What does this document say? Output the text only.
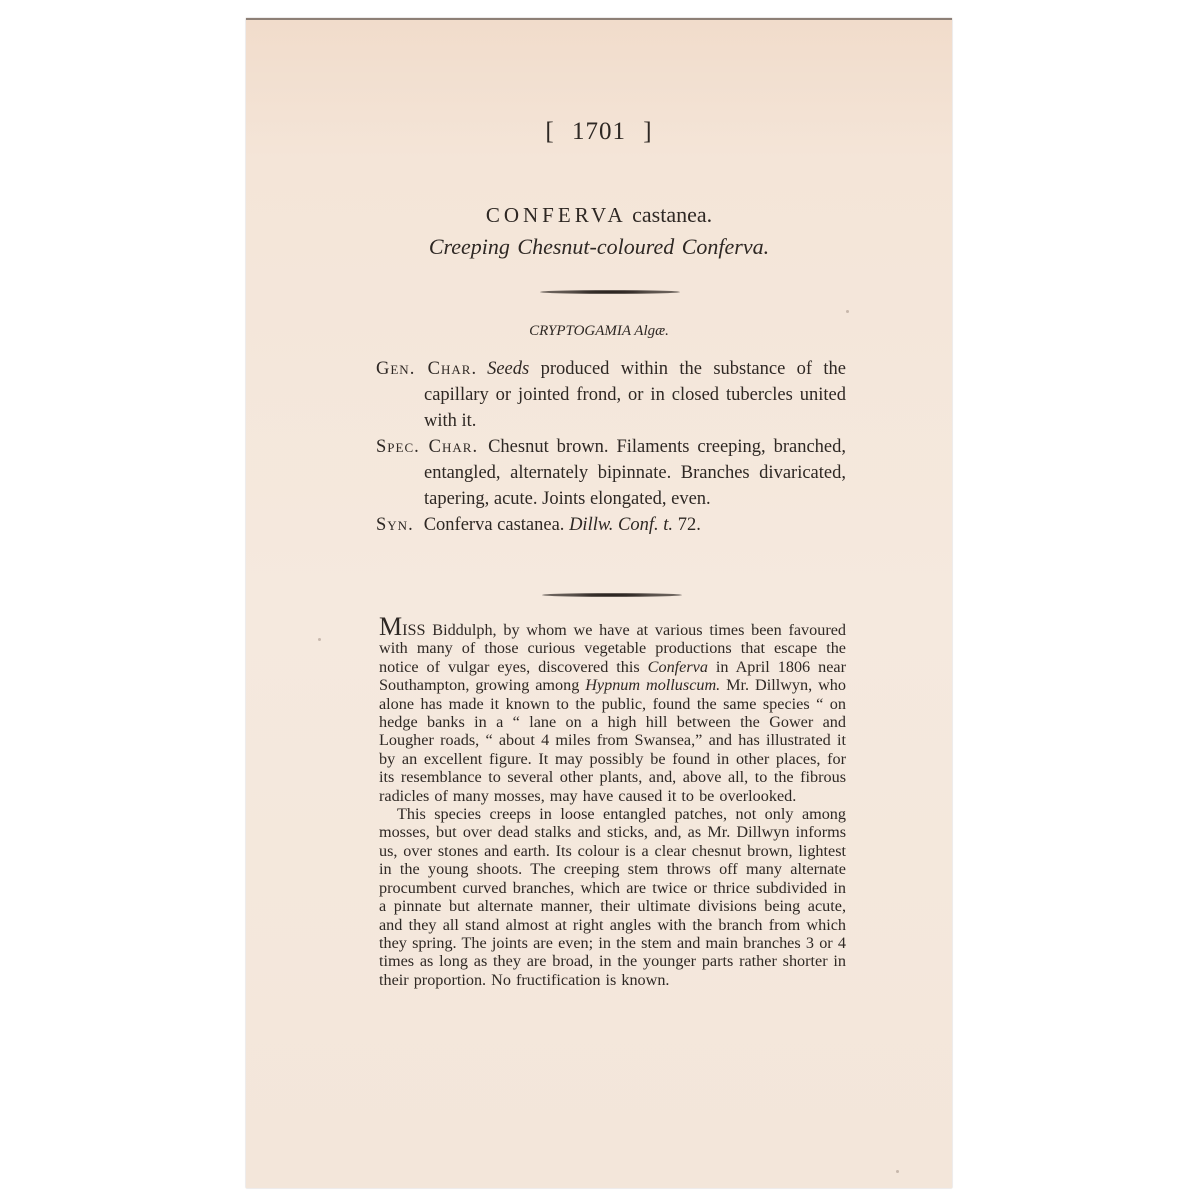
[ 1701 ]
CONFERVA castanea.
Creeping Chesnut-coloured Conferva.
CRYPTOGAMIA Algæ.

Gen. Char. Seeds produced within the substance of the capillary or jointed frond, or in closed tubercles united with it.

Spec. Char. Chesnut brown. Filaments creeping, branched, entangled, alternately bipinnate. Branches divaricated, tapering, acute. Joints elongated, even.

Syn. Conferva castanea. Dillw. Conf. t. 72.

MISS Biddulph, by whom we have at various times been favoured with many of those curious vegetable productions that escape the notice of vulgar eyes, discovered this Conferva in April 1806 near Southampton, growing among Hypnum molluscum. Mr. Dillwyn, who alone has made it known to the public, found the same species “ on hedge banks in a “ lane on a high hill between the Gower and Lougher roads, “ about 4 miles from Swansea,” and has illustrated it by an excellent figure. It may possibly be found in other places, for its resemblance to several other plants, and, above all, to the fibrous radicles of many mosses, may have caused it to be overlooked.

This species creeps in loose entangled patches, not only among mosses, but over dead stalks and sticks, and, as Mr. Dillwyn informs us, over stones and earth. Its colour is a clear chesnut brown, lightest in the young shoots. The creeping stem throws off many alternate procumbent curved branches, which are twice or thrice subdivided in a pinnate but alternate manner, their ultimate divisions being acute, and they all stand almost at right angles with the branch from which they spring. The joints are even; in the stem and main branches 3 or 4 times as long as they are broad, in the younger parts rather shorter in their proportion. No fructification is known.
